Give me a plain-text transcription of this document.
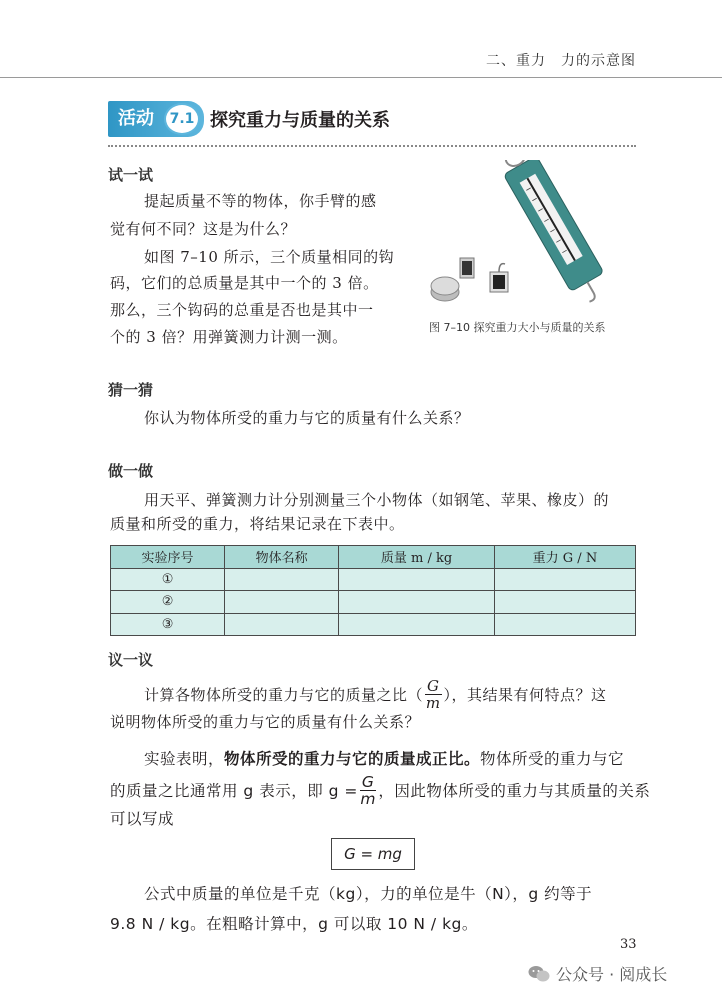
二、重力　力的示意图
活动	7.1 探究重力与质量的关系
试一试
提起质量不等的物体，你手臂的感
觉有何不同？这是为什么？
如图 7–10 所示，三个质量相同的钩
码，它们的总质量是其中一个的 3 倍。
那么，三个钩码的总重是否也是其中一
个的 3 倍？用弹簧测力计测一测。
图 7–10 探究重力大小与质量的关系
猜一猜
你认为物体所受的重力与它的质量有什么关系？
做一做
用天平、弹簧测力计分别测量三个小物体（如钢笔、苹果、橡皮）的
质量和所受的重力，将结果记录在下表中。
实验序号	物体名称	质量 m / kg	重力 G / N
①			
②			
③			
议一议
计算各物体所受的重力与它的质量之比（ $\frac{G}{m}$ ），其结果有何特点？这
说明物体所受的重力与它的质量有什么关系？
实验表明，物体所受的重力与它的质量成正比。物体所受的重力与它
的质量之比通常用 g 表示，即 $g = \frac{G}{m}$ ，因此物体所受的重力与其质量的关系
可以写成
G = mg
公式中质量的单位是千克（kg），力的单位是牛（N），g 约等于
9.8 N / kg。在粗略计算中，g 可以取 10 N / kg。
33
公众号 · 阅成长
